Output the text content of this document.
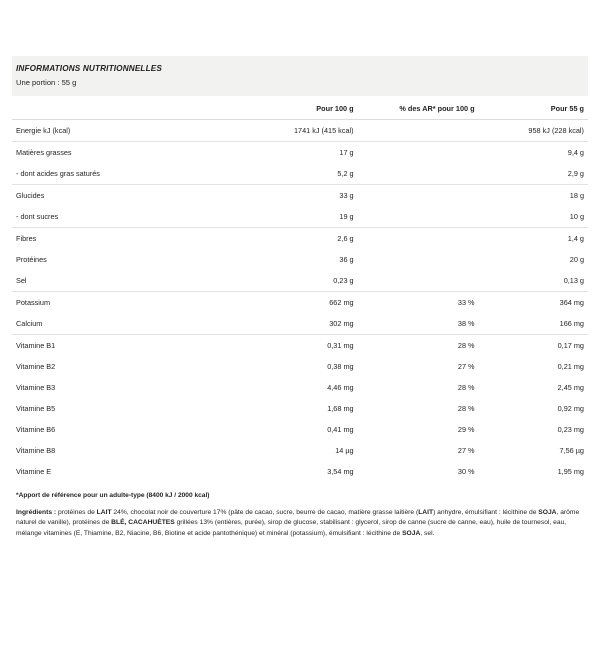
INFORMATIONS NUTRITIONNELLES
Une portion : 55 g
	Pour 100 g	% des AR* pour 100 g	Pour 55 g
Energie kJ (kcal)	1741 kJ (415 kcal)		958 kJ (228 kcal)
Matières grasses	17 g		9,4 g
- dont acides gras saturés	5,2 g		2,9 g
Glucides	33 g		18 g
- dont sucres	19 g		10 g
Fibres	2,6 g		1,4 g
Protéines	36 g		20 g
Sel	0,23 g		0,13 g
Potassium	662 mg	33 %	364 mg
Calcium	302 mg	38 %	166 mg
Vitamine B1	0,31 mg	28 %	0,17 mg
Vitamine B2	0,38 mg	27 %	0,21 mg
Vitamine B3	4,46 mg	28 %	2,45 mg
Vitamine B5	1,68 mg	28 %	0,92 mg
Vitamine B6	0,41 mg	29 %	0,23 mg
Vitamine B8	14 µg	27 %	7,56 µg
Vitamine E	3,54 mg	30 %	1,95 mg
*Apport de référence pour un adulte-type (8400 kJ / 2000 kcal)

Ingrédients : protéines de LAIT 24%, chocolat noir de couverture 17% (pâte de cacao, sucre, beurre de cacao, matière grasse laitière (LAIT) anhydre, émulsifiant : lécithine de SOJA, arôme naturel de vanille), protéines de BLÉ, CACAHUÈTES grillées 13% (entières, purée), sirop de glucose, stabilisant : glycerol, sirop de canne (sucre de canne, eau), huile de tournesol, eau, mélange vitamines (E, Thiamine, B2, Niacine, B6, Biotine et acide pantothénique) et minéral (potassium), émulsifiant : lécithine de SOJA, sel.
